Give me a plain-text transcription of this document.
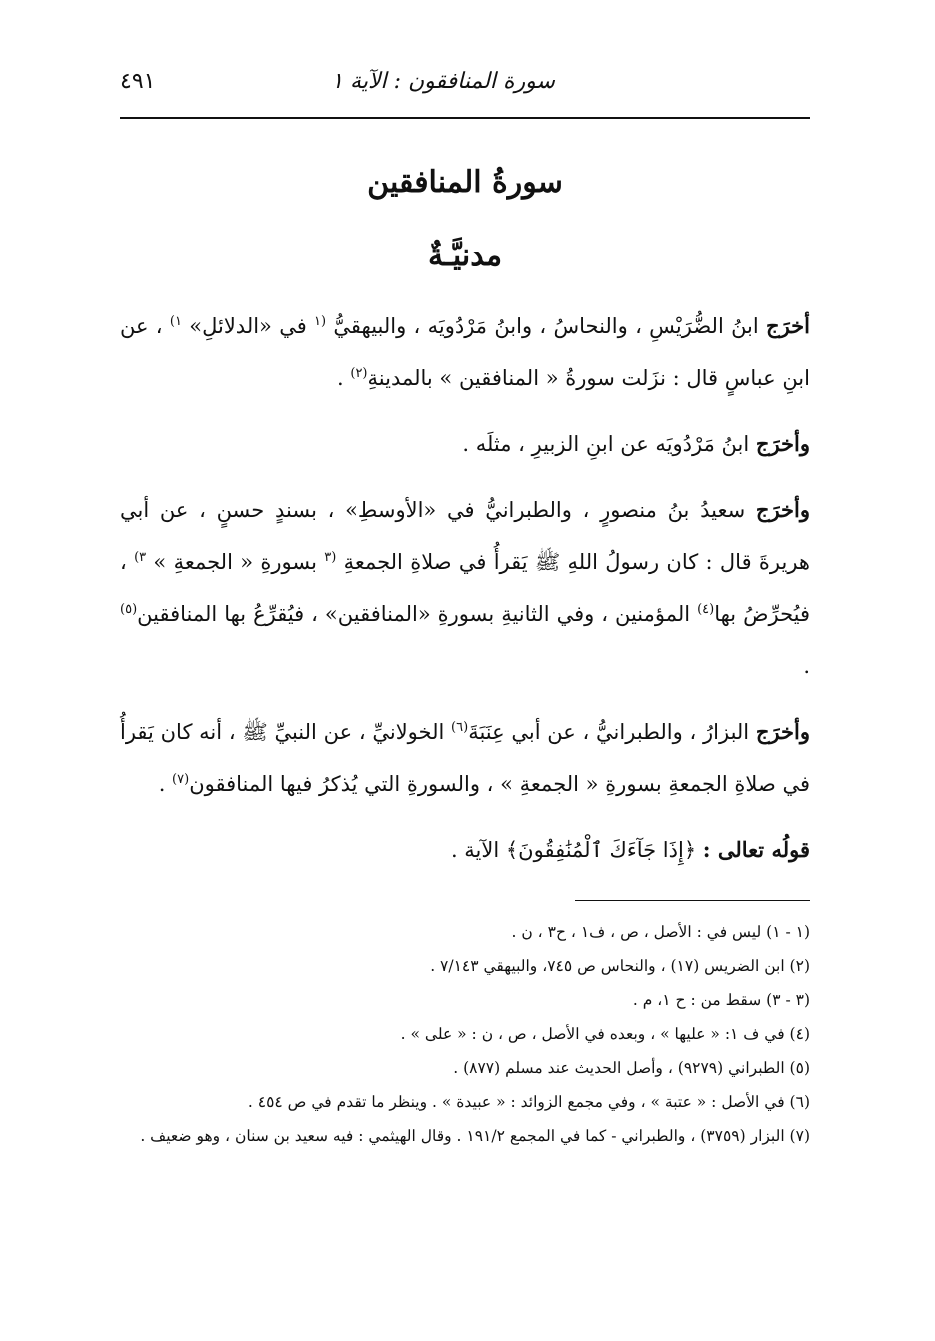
سورة المنافقون : الآية ١
٤٩١
سورةُ المنافقين
مدنيَّـةٌ

أخرَج ابنُ الضُّرَيْسِ ، والنحاسُ ، وابنُ مَرْدُويَه ، والبيهقيُّ $^{(١}$ في «الدلائلِ» $^{١)}$ ، عن ابنِ عباسٍ قال : نزَلت سورةُ « المنافقين » بالمدينةِ$^{(٢)}$ .

وأخرَج ابنُ مَرْدُويَه عن ابنِ الزبيرِ ، مثلَه .

وأخرَج سعيدُ بنُ منصورٍ ، والطبرانيُّ في «الأوسطِ» ، بسندٍ حسنٍ ، عن أبي هريرةَ قال : كان رسولُ اللهِ ﷺ يَقرأُ في صلاةِ الجمعةِ $^{(٣}$ بسورةِ « الجمعةِ » $^{٣)}$ ، فيُحرِّضُ بها$^{(٤)}$ المؤمنين ، وفي الثانيةِ بسورةِ «المنافقين» ، فيُقرِّعُ بها المنافقين$^{(٥)}$ .

وأخرَج البزارُ ، والطبرانيُّ ، عن أبي عِنَبَةَ$^{(٦)}$ الخولانيِّ ، عن النبيِّ ﷺ ، أنه كان يَقرأُ في صلاةِ الجمعةِ بسورةِ « الجمعةِ » ، والسورةِ التي يُذكرُ فيها المنافقون$^{(٧)}$ .

قولُه تعالى : ﴿إِذَا جَآءَكَ ٱلْمُنَٰفِقُونَ﴾ الآية .

(١ - ١) ليس في : الأصل ، ص ، ف١ ، ح٣ ، ن .

(٢) ابن الضريس (١٧) ، والنحاس ص ٧٤٥، والبيهقي ٧/١٤٣ .

(٣ - ٣) سقط من : ح ١، م .

(٤) في ف ١: « عليها » ، وبعده في الأصل ، ص ، ن : « على » .

(٥) الطبراني (٩٢٧٩) ، وأصل الحديث عند مسلم (٨٧٧) .

(٦) في الأصل : « عتبة » ، وفي مجمع الزوائد : « عبيدة » . وينظر ما تقدم في ص ٤٥٤ .

(٧) البزار (٣٧٥٩) ، والطبراني - كما في المجمع ١٩١/٢ . وقال الهيثمي : فيه سعيد بن سنان ، وهو ضعيف .
